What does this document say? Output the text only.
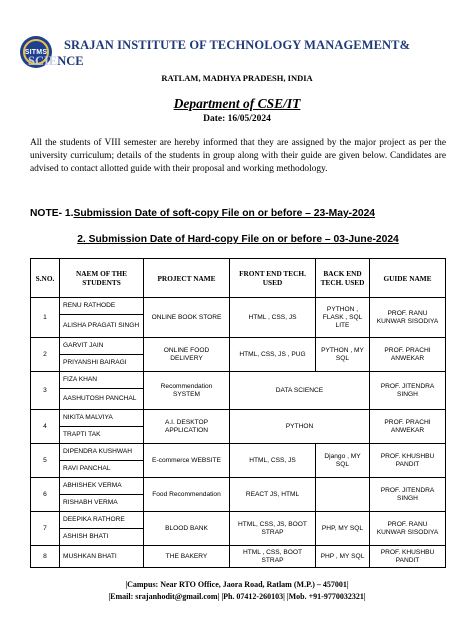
SITMS SRAJAN INSTITUTE OF TECHNOLOGY MANAGEMENT&
SCIENCE
RATLAM, MADHYA PRADESH, INDIA
Department of CSE/IT
Date: 16/05/2024
All the students of VIII semester are hereby informed that they are assigned by the major project as per the university curriculum; details of the students in group along with their guide are given below. Candidates are advised to contact allotted guide with their proposal and working methodology.
NOTE- 1.Submission Date of soft-copy File on or before – 23-May-2024
2. Submission Date of Hard-copy File on or before – 03-June-2024
S.NO.	NAEM OF THE STUDENTS	PROJECT NAME	FRONT END TECH. USED	BACK END TECH. USED	GUIDE NAME
1	RENU RATHODE	ONLINE BOOK STORE	HTML , CSS, JS	PYTHON , FLASK , SQL LITE	PROF. RANU KUNWAR SISODIYA
	ALISHA PRAGATI SINGH				
2	GARVIT JAIN	ONLINE FOOD DELIVERY	HTML, CSS, JS , PUG	PYTHON , MY SQL	PROF. PRACHI ANWEKAR
	PRIYANSHI BAIRAGI				
3	FIZA KHAN	Recommendation SYSTEM	DATA SCIENCE		PROF. JITENDRA SINGH
	AASHUTOSH PANCHAL				
4	NIKITA MALVIYA	A.I. DESKTOP APPLICATION	PYTHON		PROF. PRACHI ANWEKAR
	TRAPTI TAK				
5	DIPENDRA KUSHWAH	E-commerce WEBSITE	HTML, CSS, JS	Django , MY SQL	PROF. KHUSHBU PANDIT
	RAVI PANCHAL				
6	ABHISHEK VERMA	Food Recommendation	REACT JS, HTML		PROF. JITENDRA SINGH
	RISHABH VERMA				
7	DEEPIKA RATHORE	BLOOD BANK	HTML, CSS, JS, BOOT STRAP	PHP, MY SQL	PROF. RANU KUNWAR SISODIYA
	ASHISH BHATI				
8	MUSHKAN BHATI	THE BAKERY	HTML , CSS, BOOT STRAP	PHP , MY SQL	PROF. KHUSHBU PANDIT
|Campus: Near RTO Office, Jaora Road, Ratlam (M.P.) – 457001|
|Email: srajanhodit@gmail.com| |Ph. 07412-260103| |Mob. +91-9770032321|
